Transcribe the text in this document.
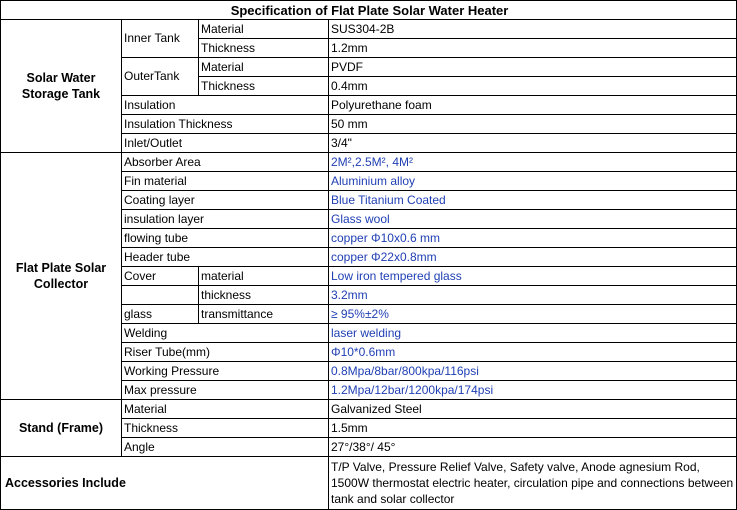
Specification of Flat Plate Solar Water Heater			
Solar Water Storage Tank	Inner Tank	Material	SUS304-2B
		Thickness	1.2mm
	OuterTank	Material	PVDF
		Thickness	0.4mm
	Insulation		Polyurethane foam
	Insulation Thickness		50 mm
	Inlet/Outlet		3/4"
Flat Plate Solar Collector	Absorber Area		2M²,2.5M², 4M²
	Fin material		Aluminium alloy
	Coating layer		Blue Titanium Coated
	insulation layer		Glass wool
	flowing tube		copper Φ10x0.6 mm
	Header tube		copper Φ22x0.8mm
	Cover	material	Low iron tempered glass
		thickness	3.2mm
	glass	transmittance	≥ 95%±2%
	Welding		laser welding
	Riser Tube(mm)		Φ10*0.6mm
	Working Pressure		0.8Mpa/8bar/800kpa/116psi
	Max pressure		1.2Mpa/12bar/1200kpa/174psi
Stand (Frame)	Material		Galvanized Steel
	Thickness		1.5mm
	Angle		27°/38°/ 45°
Accessories Include			T/P Valve, Pressure Relief Valve, Safety valve, Anode agnesium Rod, 1500W thermostat electric heater, circulation pipe and connections between tank and solar collector
